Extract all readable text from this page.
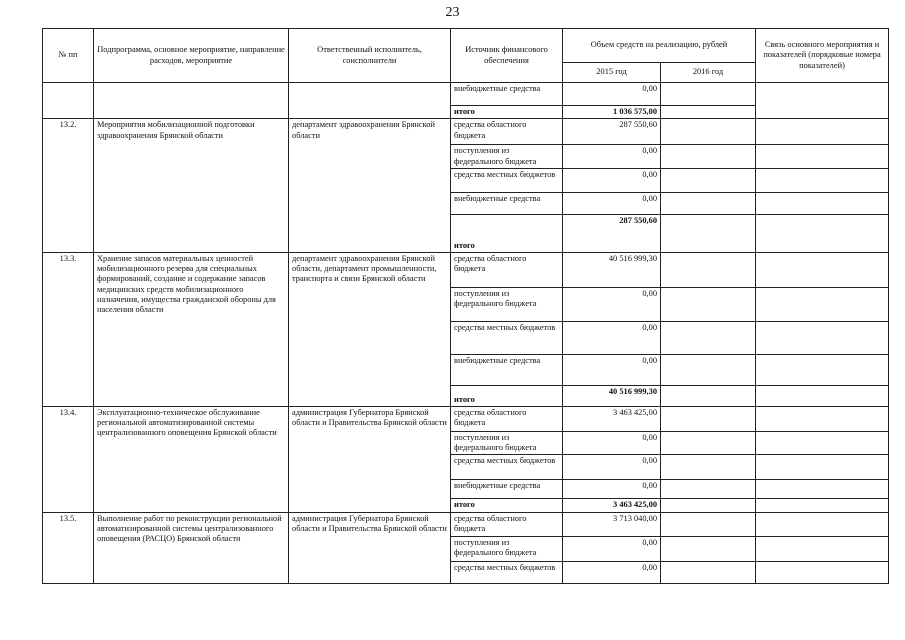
23
№ пп	Подпрограмма, основное мероприятие, направление расходов, мероприятие	Ответственный исполнитель, соисполнители	Источник финансового обеспечения	Объем средств на реализацию, рублей		Связь основного мероприятия и показателей (порядковые номера показателей)
				2015 год	2016 год	
			внебюджетные средства	0,00		
			итого	1 036 575,00		
13.2.	Мероприятия мобилизационной подготовки здравоохранения Брянской области	департамент здравоохранения Брянской области	средства областного бюджета	287 550,60		
			поступления из федерального бюджета	0,00		
			средства местных бюджетов	0,00		
			внебюджетные средства	0,00		
			итого	287 550,60		
13.3.	Хранение запасов материальных ценностей мобилизационного резерва для специальных формирований, создание и содержание запасов медицинских средств мобилизационного назначения, имущества гражданской обороны для населения области	департамент здравоохранения Брянской области, департамент промышленности, транспорта и связи Брянской области	средства областного бюджета	40 516 999,30		
			поступления из федерального бюджета	0,00		
			средства местных бюджетов	0,00		
			внебюджетные средства	0,00		
			итого	40 516 999,30		
13.4.	Эксплуатационно-техническое обслуживание региональной автоматизированной системы централизованного оповещения Брянской области	администрация Губернатора Брянской области и Правительства Брянской области	средства областного бюджета	3 463 425,00		
			поступления из федерального бюджета	0,00		
			средства местных бюджетов	0,00		
			внебюджетные средства	0,00		
			итого	3 463 425,00		
13.5.	Выполнение работ по реконструкции региональной автоматизированной системы централизованного оповещения (РАСЦО) Брянской области	администрация Губернатора Брянской области и Правительства Брянской области	средства областного бюджета	3 713 040,00		
			поступления из федерального бюджета	0,00		
			средства местных бюджетов	0,00		
